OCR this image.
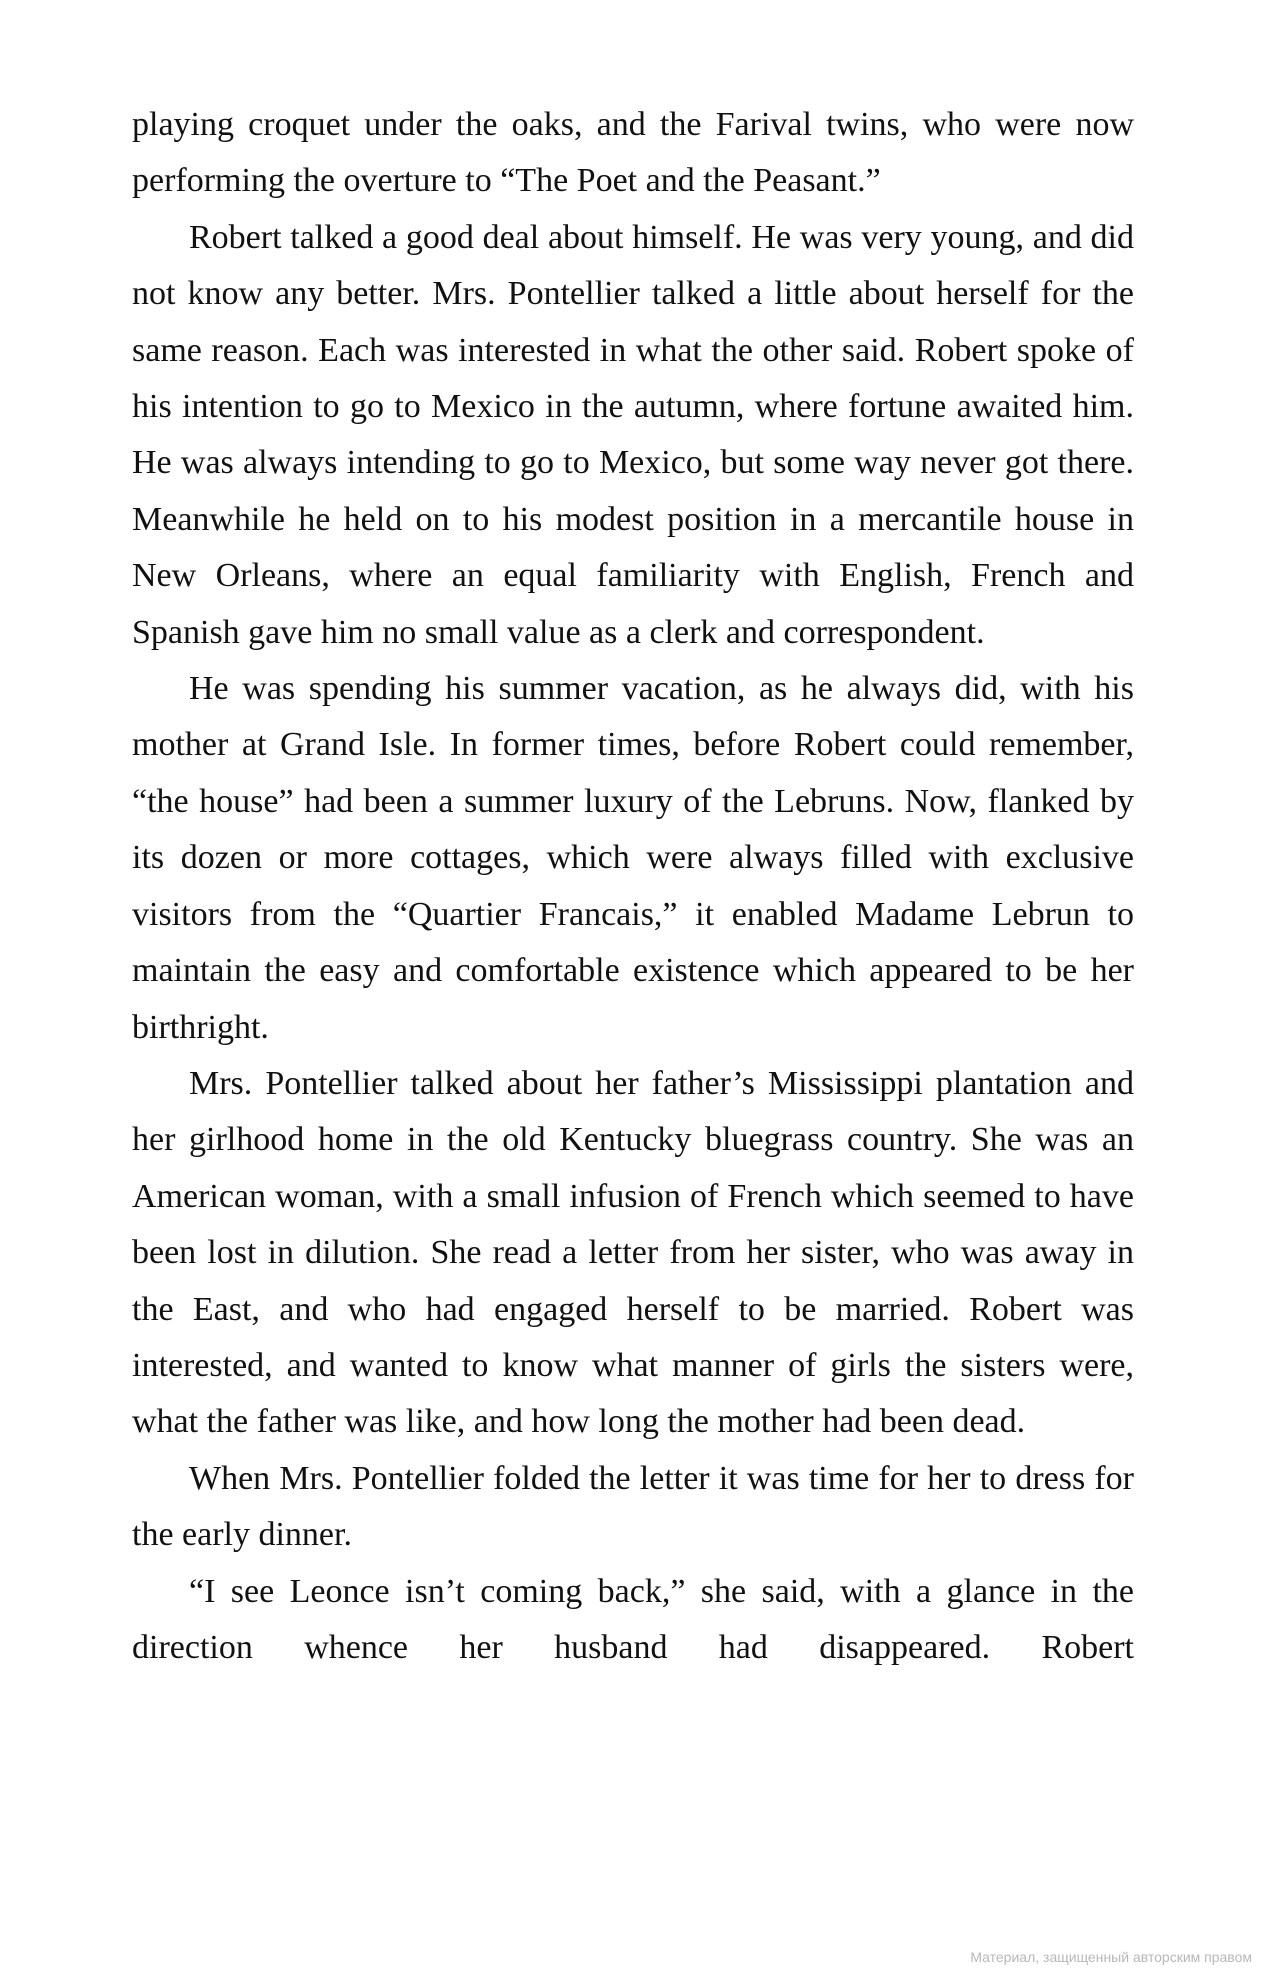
playing croquet under the oaks, and the Farival twins, who were now performing the overture to “The Poet and the Peasant.”

Robert talked a good deal about himself. He was very young, and did not know any better. Mrs. Pontellier talked a little about herself for the same reason. Each was interested in what the other said. Robert spoke of his intention to go to Mexico in the autumn, where fortune awaited him. He was always intending to go to Mexico, but some way never got there. Meanwhile he held on to his modest position in a mercantile house in New Orleans, where an equal familiarity with English, French and Spanish gave him no small value as a clerk and correspondent.

He was spending his summer vacation, as he always did, with his mother at Grand Isle. In former times, before Robert could remember, “the house” had been a summer luxury of the Lebruns. Now, flanked by its dozen or more cottages, which were always filled with exclusive visitors from the “Quartier Francais,” it enabled Madame Lebrun to maintain the easy and comfortable existence which appeared to be her birthright.

Mrs. Pontellier talked about her father’s Mississippi plantation and her girlhood home in the old Kentucky bluegrass country. She was an American woman, with a small infusion of French which seemed to have been lost in dilution. She read a letter from her sister, who was away in the East, and who had engaged herself to be married. Robert was interested, and wanted to know what manner of girls the sisters were, what the father was like, and how long the mother had been dead.

When Mrs. Pontellier folded the letter it was time for her to dress for the early dinner.

“I see Leonce isn’t coming back,” she said, with a glance in the direction whence her husband had disappeared. Robert

Материал, защищенный авторским правом
